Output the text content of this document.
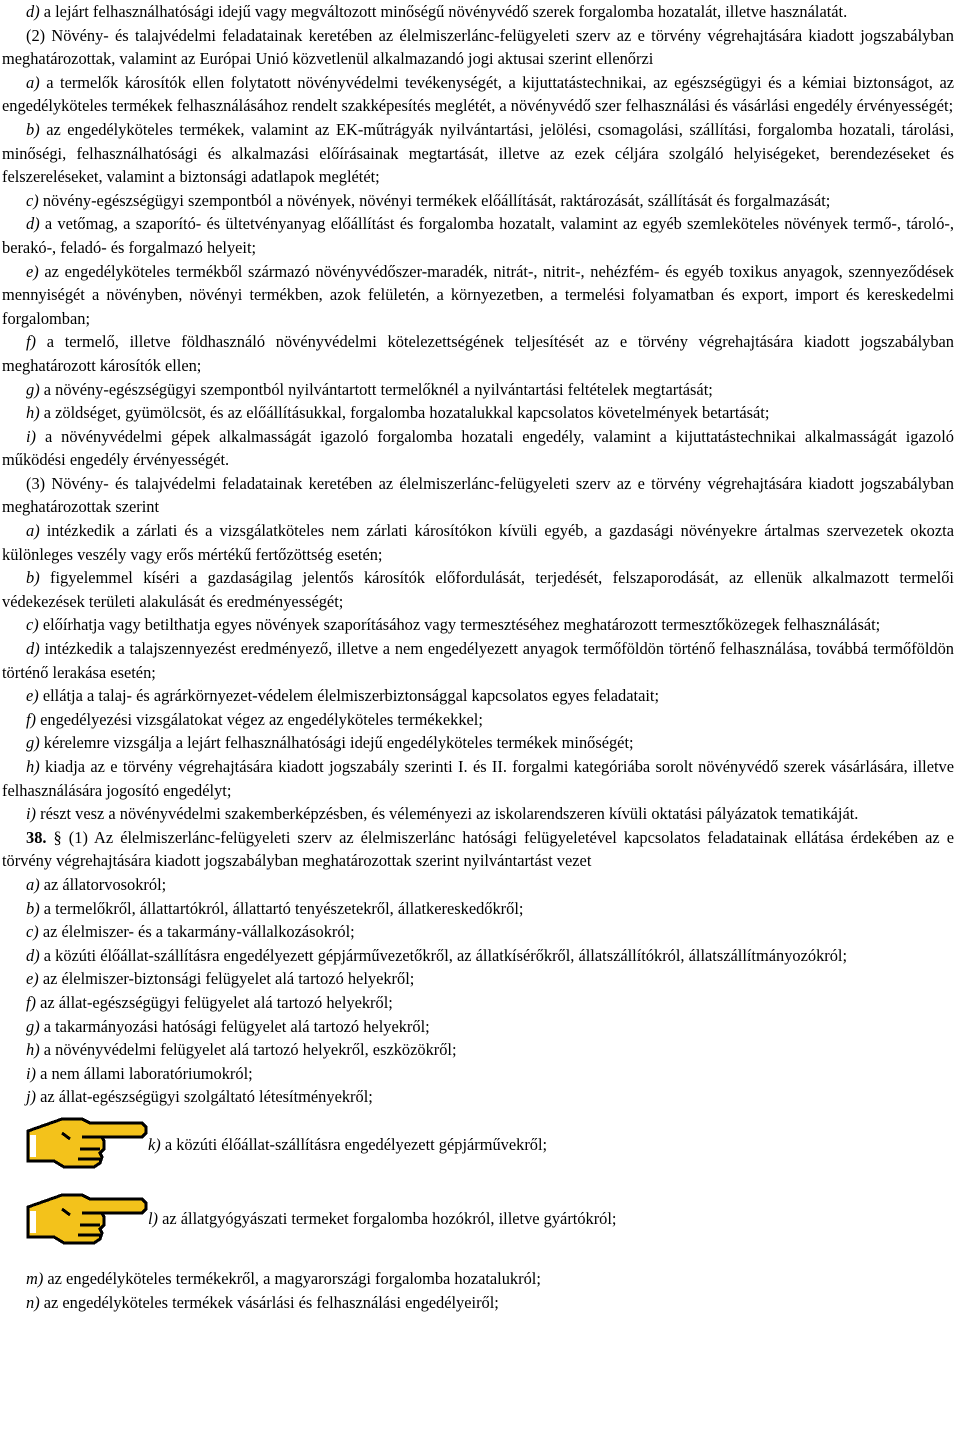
d) a lejárt felhasználhatósági idejű vagy megváltozott minőségű növényvédő szerek forgalomba hozatalát, illetve használatát.

(2) Növény- és talajvédelmi feladatainak keretében az élelmiszerlánc-felügyeleti szerv az e törvény végrehajtására kiadott jogszabályban meghatározottak, valamint az Európai Unió közvetlenül alkalmazandó jogi aktusai szerint ellenőrzi

a) a termelők károsítók ellen folytatott növényvédelmi tevékenységét, a kijuttatástechnikai, az egészségügyi és a kémiai biztonságot, az engedélyköteles termékek felhasználásához rendelt szakképesítés meglétét, a növényvédő szer felhasználási és vásárlási engedély érvényességét;

b) az engedélyköteles termékek, valamint az EK-műtrágyák nyilvántartási, jelölési, csomagolási, szállítási, forgalomba hozatali, tárolási, minőségi, felhasználhatósági és alkalmazási előírásainak megtartását, illetve az ezek céljára szolgáló helyiségeket, berendezéseket és felszereléseket, valamint a biztonsági adatlapok meglétét;

c) növény-egészségügyi szempontból a növények, növényi termékek előállítását, raktározását, szállítását és forgalmazását;

d) a vetőmag, a szaporító- és ültetvényanyag előállítást és forgalomba hozatalt, valamint az egyéb szemleköteles növények termő-, tároló-, berakó-, feladó- és forgalmazó helyeit;

e) az engedélyköteles termékből származó növényvédőszer-maradék, nitrát-, nitrit-, nehézfém- és egyéb toxikus anyagok, szennyeződések mennyiségét a növényben, növényi termékben, azok felületén, a környezetben, a termelési folyamatban és export, import és kereskedelmi forgalomban;

f) a termelő, illetve földhasználó növényvédelmi kötelezettségének teljesítését az e törvény végrehajtására kiadott jogszabályban meghatározott károsítók ellen;

g) a növény-egészségügyi szempontból nyilvántartott termelőknél a nyilvántartási feltételek megtartását;

h) a zöldséget, gyümölcsöt, és az előállításukkal, forgalomba hozatalukkal kapcsolatos követelmények betartását;

i) a növényvédelmi gépek alkalmasságát igazoló forgalomba hozatali engedély, valamint a kijuttatástechnikai alkalmasságát igazoló működési engedély érvényességét.

(3) Növény- és talajvédelmi feladatainak keretében az élelmiszerlánc-felügyeleti szerv az e törvény végrehajtására kiadott jogszabályban meghatározottak szerint

a) intézkedik a zárlati és a vizsgálatköteles nem zárlati károsítókon kívüli egyéb, a gazdasági növényekre ártalmas szervezetek okozta különleges veszély vagy erős mértékű fertőzöttség esetén;

b) figyelemmel kíséri a gazdaságilag jelentős károsítók előfordulását, terjedését, felszaporodását, az ellenük alkalmazott termelői védekezések területi alakulását és eredményességét;

c) előírhatja vagy betilthatja egyes növények szaporításához vagy termesztéséhez meghatározott termesztőközegek felhasználását;

d) intézkedik a talajszennyezést eredményező, illetve a nem engedélyezett anyagok termőföldön történő felhasználása, továbbá termőföldön történő lerakása esetén;

e) ellátja a talaj- és agrárkörnyezet-védelem élelmiszerbiztonsággal kapcsolatos egyes feladatait;

f) engedélyezési vizsgálatokat végez az engedélyköteles termékekkel;

g) kérelemre vizsgálja a lejárt felhasználhatósági idejű engedélyköteles termékek minőségét;

h) kiadja az e törvény végrehajtására kiadott jogszabály szerinti I. és II. forgalmi kategóriába sorolt növényvédő szerek vásárlására, illetve felhasználására jogosító engedélyt;

i) részt vesz a növényvédelmi szakemberképzésben, és véleményezi az iskolarendszeren kívüli oktatási pályázatok tematikáját.

38. § (1) Az élelmiszerlánc-felügyeleti szerv az élelmiszerlánc hatósági felügyeletével kapcsolatos feladatainak ellátása érdekében az e törvény végrehajtására kiadott jogszabályban meghatározottak szerint nyilvántartást vezet

a) az állatorvosokról;

b) a termelőkről, állattartókról, állattartó tenyészetekről, állatkereskedőkről;

c) az élelmiszer- és a takarmány-vállalkozásokról;

d) a közúti élőállat-szállításra engedélyezett gépjárművezetőkről, az állatkísérőkről, állatszállítókról, állatszállítmányozókról;

e) az élelmiszer-biztonsági felügyelet alá tartozó helyekről;

f) az állat-egészségügyi felügyelet alá tartozó helyekről;

g) a takarmányozási hatósági felügyelet alá tartozó helyekről;

h) a növényvédelmi felügyelet alá tartozó helyekről, eszközökről;

i) a nem állami laboratóriumokról;

j) az állat-egészségügyi szolgáltató létesítményekről;

k) a közúti élőállat-szállításra engedélyezett gépjárművekről;

l) az állatgyógyászati termeket forgalomba hozókról, illetve gyártókról;

m) az engedélyköteles termékekről, a magyarországi forgalomba hozatalukról;

n) az engedélyköteles termékek vásárlási és felhasználási engedélyeiről;
